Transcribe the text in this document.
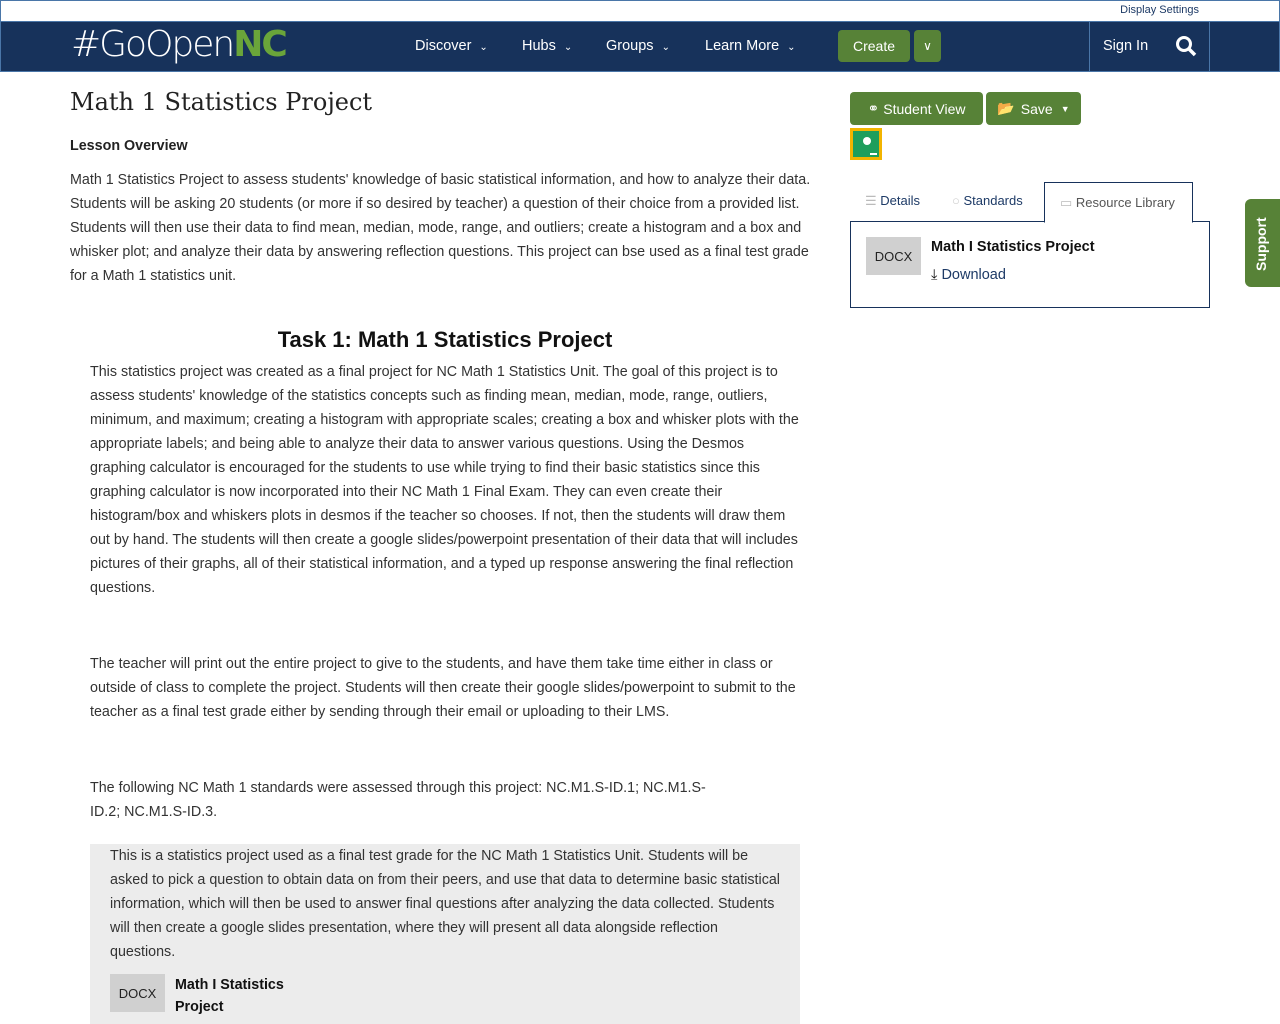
Display Settings
#GoOpenNC	Discover ⌄ Hubs ⌄ Groups ⌄ Learn More ⌄	Create	∨	Sign In
Math 1 Statistics Project
Lesson Overview
Math 1 Statistics Project to assess students' knowledge of basic statistical information, and how to analyze their data. Students will be asking 20 students (or more if so desired by teacher) a question of their choice from a provided list. Students will then use their data to find mean, median, mode, range, and outliers; create a histogram and a box and whisker plot; and analyze their data by answering reflection questions. This project can bse used as a final test grade for a Math 1 statistics unit.
Task 1: Math 1 Statistics Project
This statistics project was created as a final project for NC Math 1 Statistics Unit. The goal of this project is to assess students' knowledge of the statistics concepts such as finding mean, median, mode, range, outliers, minimum, and maximum; creating a histogram with appropriate scales; creating a box and whisker plots with the appropriate labels; and being able to analyze their data to answer various questions. Using the Desmos graphing calculator is encouraged for the students to use while trying to find their basic statistics since this graphing calculator is now incorporated into their NC Math 1 Final Exam. They can even create their histogram/box and whiskers plots in desmos if the teacher so chooses. If not, then the students will draw them out by hand. The students will then create a google slides/powerpoint presentation of their data that will includes pictures of their graphs, all of their statistical information, and a typed up response answering the final reflection questions.
The teacher will print out the entire project to give to the students, and have them take time either in class or outside of class to complete the project. Students will then create their google slides/powerpoint to submit to the teacher as a final test grade either by sending through their email or uploading to their LMS.
The following NC Math 1 standards were assessed through this project: NC.M1.S-ID.1; NC.M1.S-ID.2; NC.M1.S-ID.3.
This is a statistics project used as a final test grade for the NC Math 1 Statistics Unit. Students will be asked to pick a question to obtain data on from their peers, and use that data to determine basic statistical information, which will then be used to answer final questions after analyzing the data collected. Students will then create a google slides presentation, where they will present all data alongside reflection questions.
DOCX	Math I Statistics Project
⚭ Student View 📂 Save ▼
☰ Details ○ Standards	▭ Resource Library
DOCX
Math I Statistics Project
⤓ Download
Support
